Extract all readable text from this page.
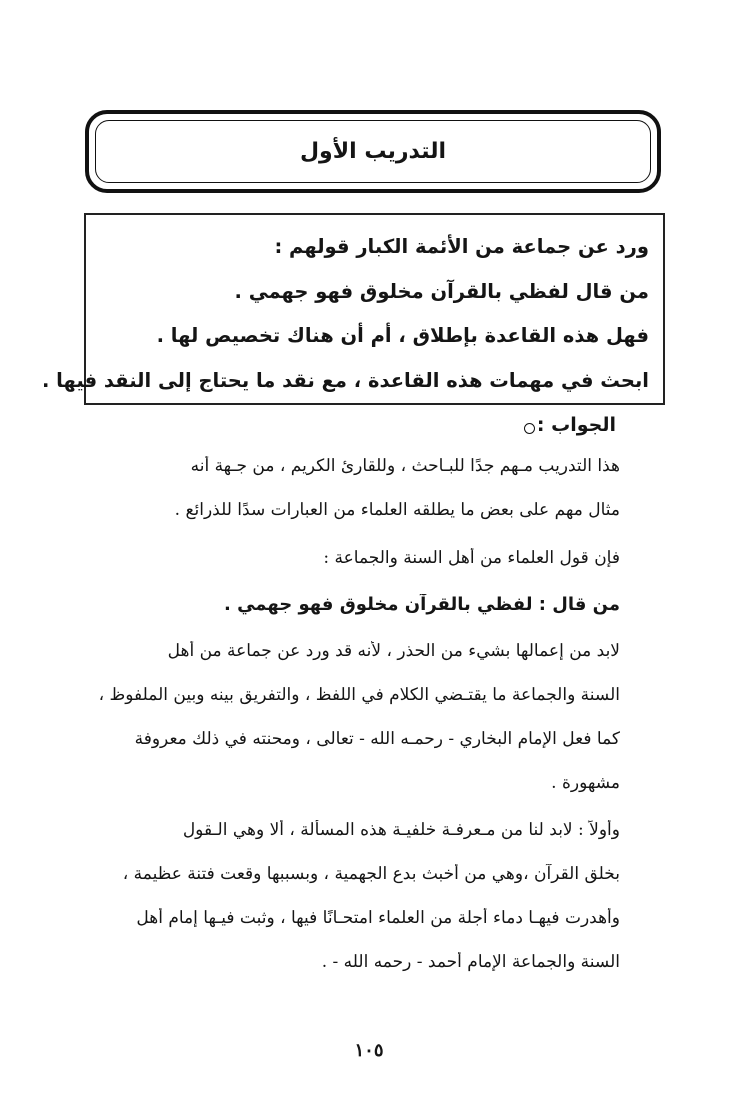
التدريب الأول
ورد عن جماعة من الأئمة الكبار قولهم :
من قال لفظي بالقرآن مخلوق فهو جهمي .
فهل هذه القاعدة بإطلاق ، أم أن هناك تخصيص لها .
ابحث في مهمات هذه القاعدة ، مع نقد ما يحتاج إلى النقد فيها .
الجواب :
هذا التدريب مـهم جدًا للبـاحث ، وللقارئ الكريم ، من جـهة أنه
مثال مهم على بعض ما يطلقه العلماء من العبارات سدًا للذرائع .
فإن قول العلماء من أهل السنة والجماعة :
من قال : لفظي بالقرآن مخلوق فهو جهمي .
لابد من إعمالها بشيء من الحذر ، لأنه قد ورد عن جماعة من أهل
السنة والجماعة ما يقتـضي الكلام في اللفظ ، والتفريق بينه وبين الملفوظ ،
كما فعل الإمام البخاري - رحمـه الله - تعالى ، ومحنته في ذلك معروفة
مشهورة .
وأولاً : لابد لنا من مـعرفـة خلفيـة هذه المسألة ، ألا وهي الـقول
بخلق القرآن ،وهي من أخبث بدع الجهمية ، وبسببها وقعت فتنة عظيمة ،
وأُهدرت فيهـا دماء أجلة من العلماء امتحـانًا فيها ، وثبت فيـها إمام أهل
السنة والجماعة الإمام أحمد - رحمه الله - .
١٠٥
